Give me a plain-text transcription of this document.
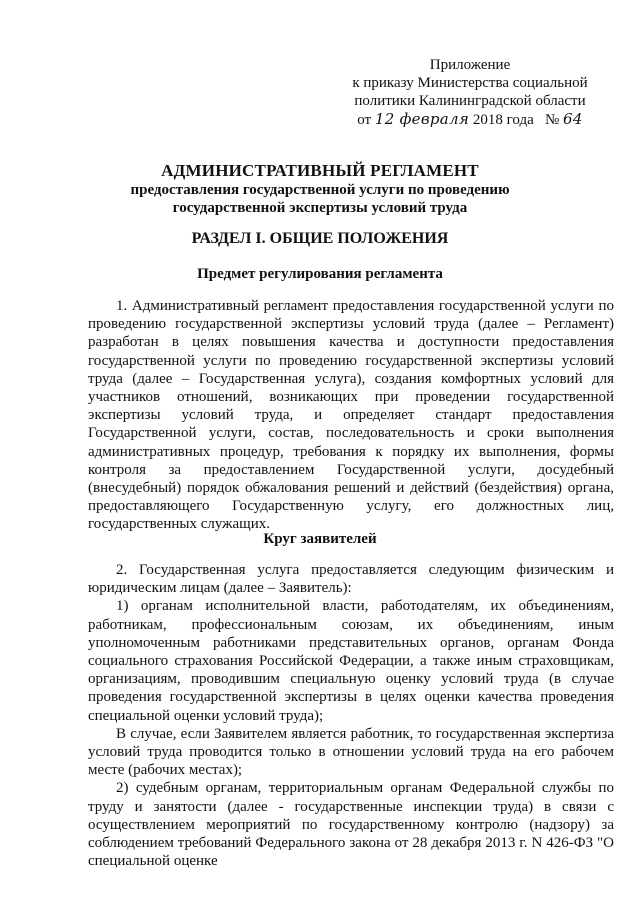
Приложение
к приказу Министерства социальной
политики Калининградской области
от 12 февраля 2018 года № 64
АДМИНИСТРАТИВНЫЙ РЕГЛАМЕНТ
предоставления государственной услуги по проведению
государственной экспертизы условий труда
РАЗДЕЛ I. ОБЩИЕ ПОЛОЖЕНИЯ
Предмет регулирования регламента

1. Административный регламент предоставления государственной услуги по проведению государственной экспертизы условий труда (далее – Регламент) разработан в целях повышения качества и доступности предоставления государственной услуги по проведению государственной экспертизы условий труда (далее – Государственная услуга), создания комфортных условий для участников отношений, возникающих при проведении государственной экспертизы условий труда, и определяет стандарт предоставления Государственной услуги, состав, последовательность и сроки выполнения административных процедур, требования к порядку их выполнения, формы контроля за предоставлением Государственной услуги, досудебный (внесудебный) порядок обжалования решений и действий (бездействия) органа, предоставляющего Государственную услугу, его должностных лиц, государственных служащих.

Круг заявителей

2. Государственная услуга предоставляется следующим физическим и юридическим лицам (далее – Заявитель):

1) органам исполнительной власти, работодателям, их объединениям, работникам, профессиональным союзам, их объединениям, иным уполномоченным работниками представительных органов, органам Фонда социального страхования Российской Федерации, а также иным страховщикам, организациям, проводившим специальную оценку условий труда (в случае проведения государственной экспертизы в целях оценки качества проведения специальной оценки условий труда);

В случае, если Заявителем является работник, то государственная экспертиза условий труда проводится только в отношении условий труда на его рабочем месте (рабочих местах);

2) судебным органам, территориальным органам Федеральной службы по труду и занятости (далее - государственные инспекции труда) в связи с осуществлением мероприятий по государственному контролю (надзору) за соблюдением требований Федерального закона от 28 декабря 2013 г. N 426-ФЗ "О специальной оценке
